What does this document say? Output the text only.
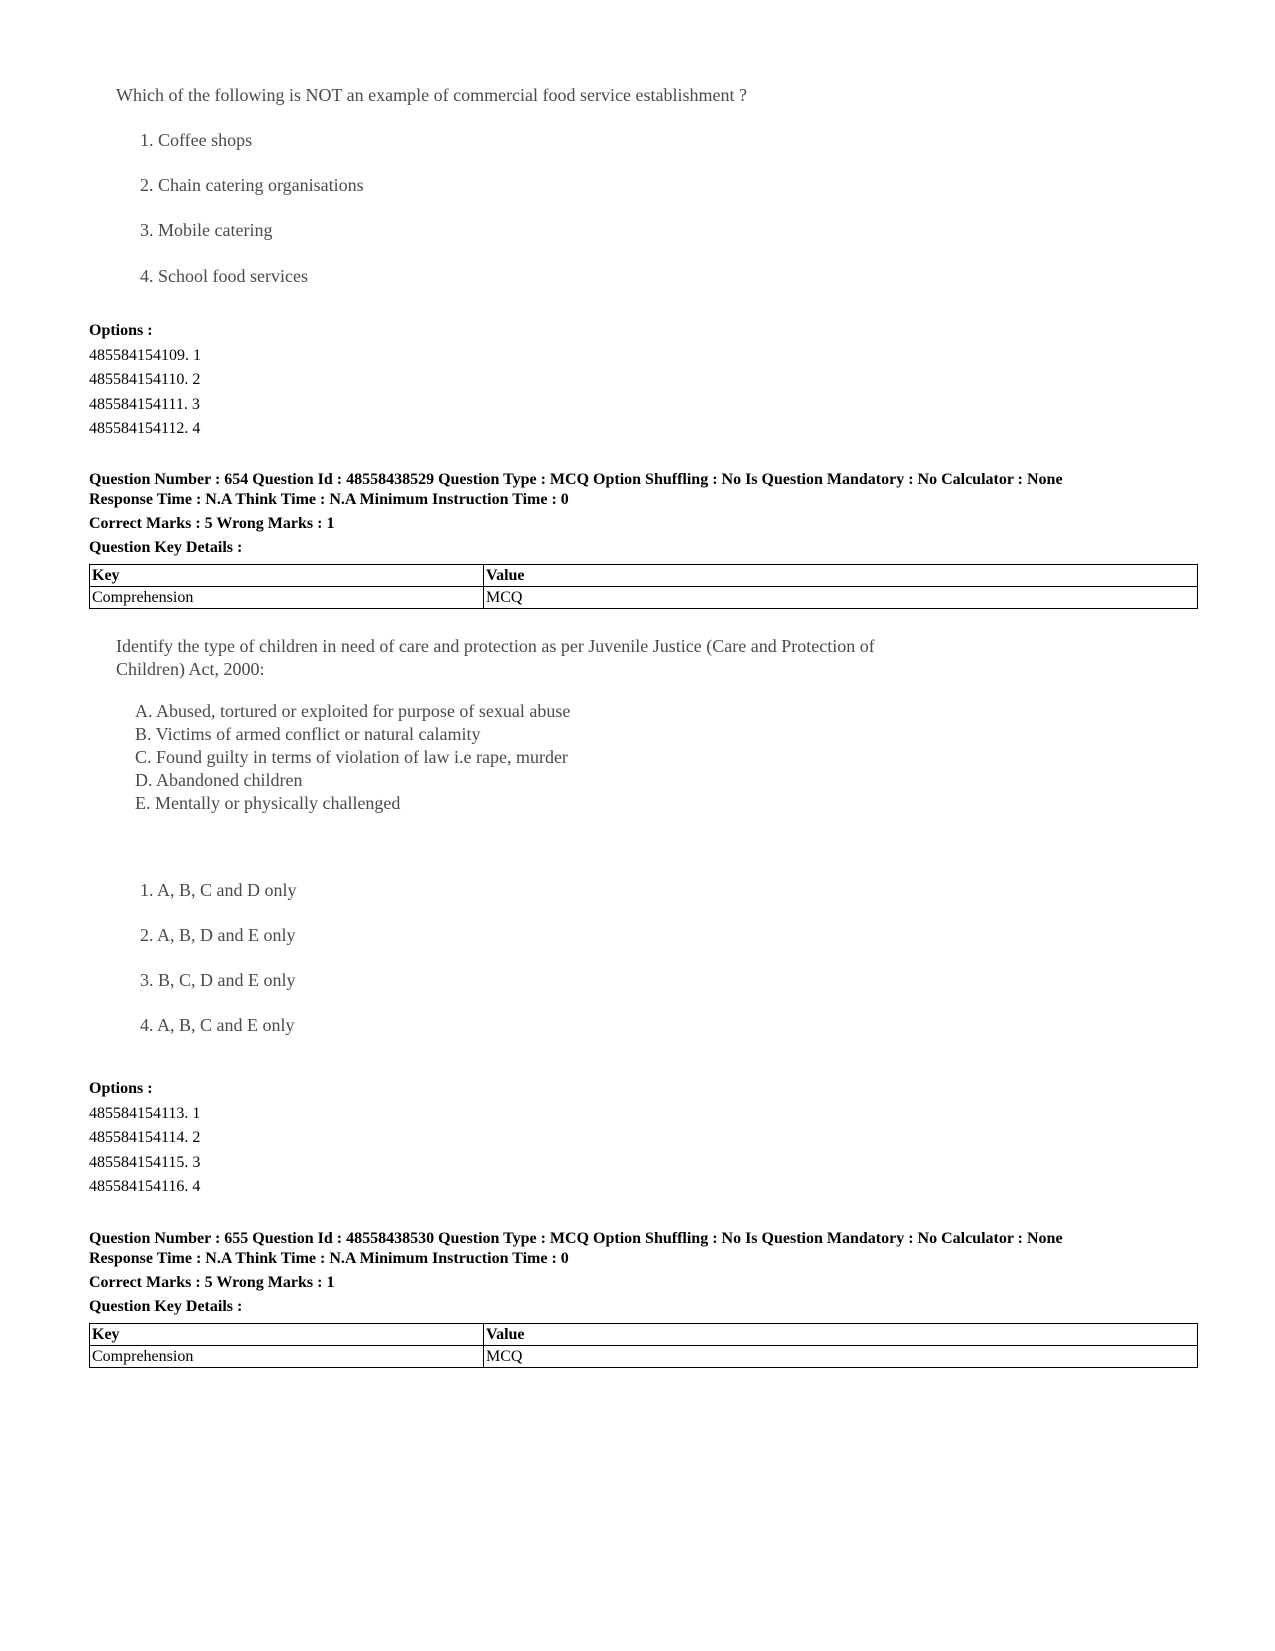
Which of the following is NOT an example of commercial food service establishment ?
1. Coffee shops
2. Chain catering organisations
3. Mobile catering
4. School food services
Options :
485584154109. 1
485584154110. 2
485584154111. 3
485584154112. 4
Question Number : 654 Question Id : 48558438529 Question Type : MCQ Option Shuffling : No Is Question Mandatory : No Calculator : None
Response Time : N.A Think Time : N.A Minimum Instruction Time : 0
Correct Marks : 5 Wrong Marks : 1
Question Key Details :
Key	Value
Comprehension	MCQ
Identify the type of children in need of care and protection as per Juvenile Justice (Care and Protection of
Children) Act, 2000:
A. Abused, tortured or exploited for purpose of sexual abuse
B. Victims of armed conflict or natural calamity
C. Found guilty in terms of violation of law i.e rape, murder
D. Abandoned children
E. Mentally or physically challenged
1. A, B, C and D only
2. A, B, D and E only
3. B, C, D and E only
4. A, B, C and E only
Options :
485584154113. 1
485584154114. 2
485584154115. 3
485584154116. 4
Question Number : 655 Question Id : 48558438530 Question Type : MCQ Option Shuffling : No Is Question Mandatory : No Calculator : None
Response Time : N.A Think Time : N.A Minimum Instruction Time : 0
Correct Marks : 5 Wrong Marks : 1
Question Key Details :
Key	Value
Comprehension	MCQ
